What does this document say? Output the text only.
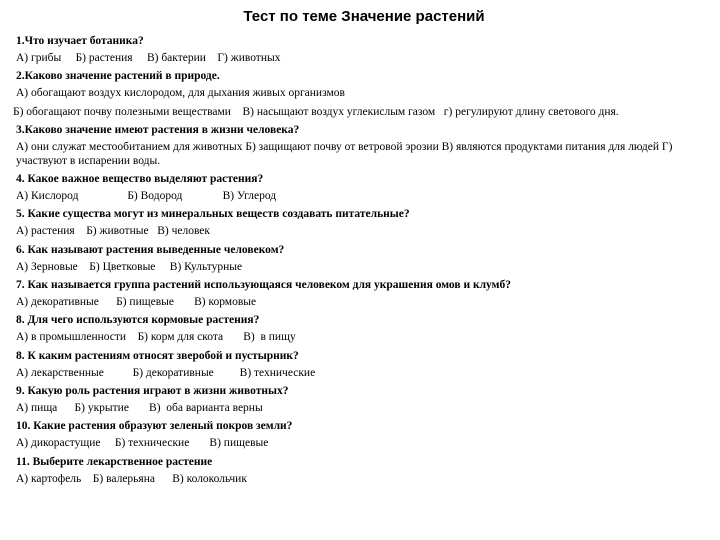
Тест по теме Значение растений
1.Что изучает ботаника?
А) грибы     Б) растения     В) бактерии    Г) животных
2.Каково значение растений в природе.
А) обогащают воздух кислородом, для дыхания живых организмов
Б) обогащают почву полезными веществами    В) насыщают воздух углекислым газом   г) регулируют длину светового дня.
3.Каково значение имеют растения в жизни человека?
А) они служат местообитанием для животных Б) защищают почву от ветровой эрозии В) являются продуктами питания для людей Г) участвуют в испарении воды.
4. Какое важное вещество выделяют растения?
А) Кислород                 Б) Водород              В) Углерод
5. Какие существа могут из минеральных веществ создавать питательные?
А) растения    Б) животные   В) человек
6. Как называют растения выведенные человеком?
А) Зерновые    Б) Цветковые     В) Культурные
7. Как называется группа растений использующаяся человеком для украшения омов и клумб?
А) декоративные      Б) пищевые       В) кормовые
8. Для чего используются кормовые растения?
А) в промышленности    Б) корм для скота       В)  в пищу
8. К каким растениям относят зверобой и пустырник?
А) лекарственные          Б) декоративные         В) технические
9. Какую роль растения играют в жизни животных?
А) пища      Б) укрытие       В)  оба варианта верны
10. Какие растения образуют зеленый покров земли?
А) дикорастущие     Б) технические       В) пищевые
11. Выберите лекарственное растение
А) картофель    Б) валерьяна      В) колокольчик
